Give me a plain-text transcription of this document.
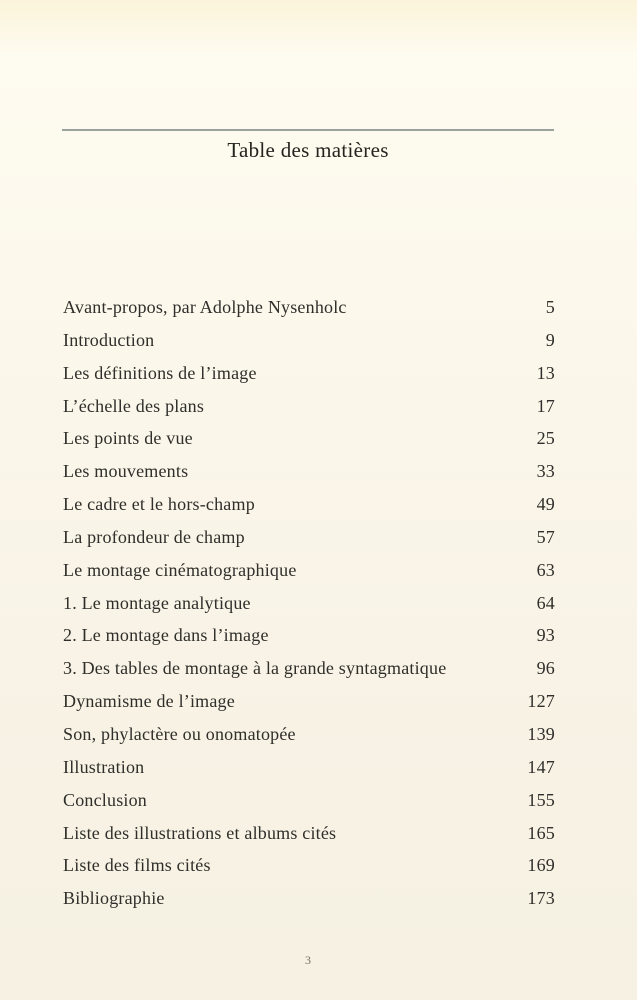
Table des matières
Avant-propos, par Adolphe Nysenholc	5
Introduction	9
Les définitions de l’image	13
L’échelle des plans	17
Les points de vue	25
Les mouvements	33
Le cadre et le hors-champ	49
La profondeur de champ	57
Le montage cinématographique	63
1. Le montage analytique	64
2. Le montage dans l’image	93
3. Des tables de montage à la grande syntagmatique	96
Dynamisme de l’image	127
Son, phylactère ou onomatopée	139
Illustration	147
Conclusion	155
Liste des illustrations et albums cités	165
Liste des films cités	169
Bibliographie	173
3
